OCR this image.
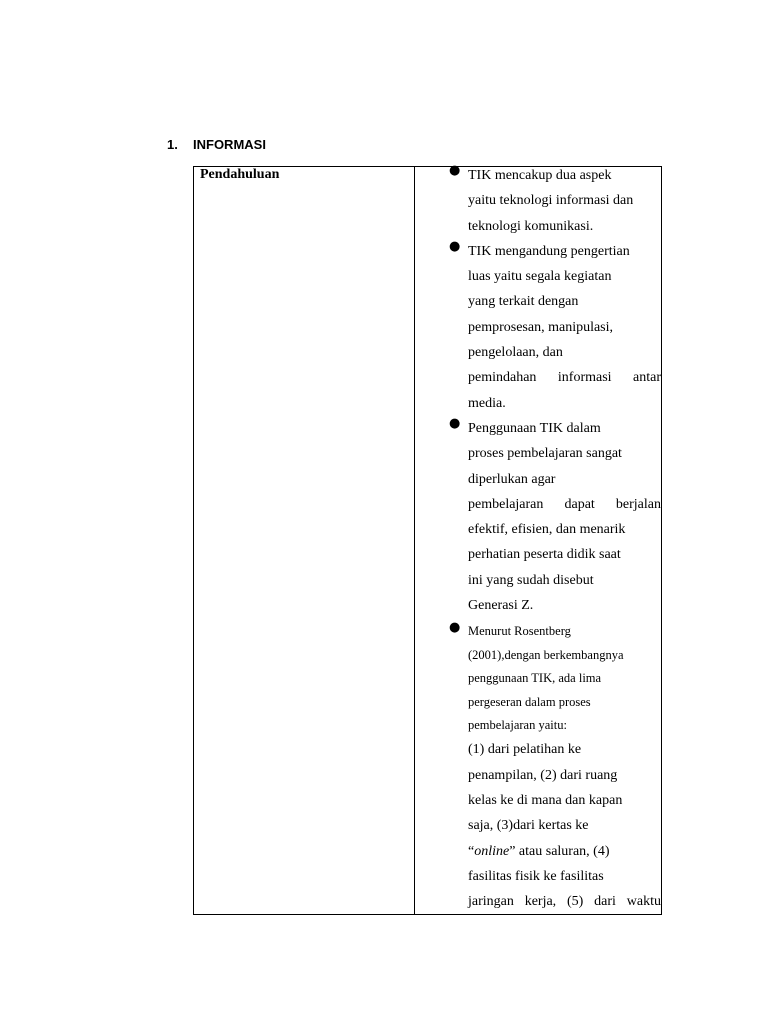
1. INFORMASI
Pendahuluan	● TIK mencakup dua aspek
yaitu teknologi informasi dan
teknologi komunikasi.
● TIK mengandung pengertian
luas yaitu segala kegiatan
yang terkait dengan
pemprosesan, manipulasi,
pengelolaan, dan
pemindahan informasi antar
media.
● Penggunaan TIK dalam
proses pembelajaran sangat
diperlukan agar
pembelajaran dapat berjalan
efektif, efisien, dan menarik
perhatian peserta didik saat
ini yang sudah disebut
Generasi Z.
● Menurut Rosentberg
(2001),dengan berkembangnya
penggunaan TIK, ada lima
pergeseran dalam proses
pembelajaran yaitu:
(1) dari pelatihan ke
penampilan, (2) dari ruang
kelas ke di mana dan kapan
saja, (3)dari kertas ke
“online” atau saluran, (4)
fasilitas fisik ke fasilitas
jaringan kerja, (5) dari waktu
